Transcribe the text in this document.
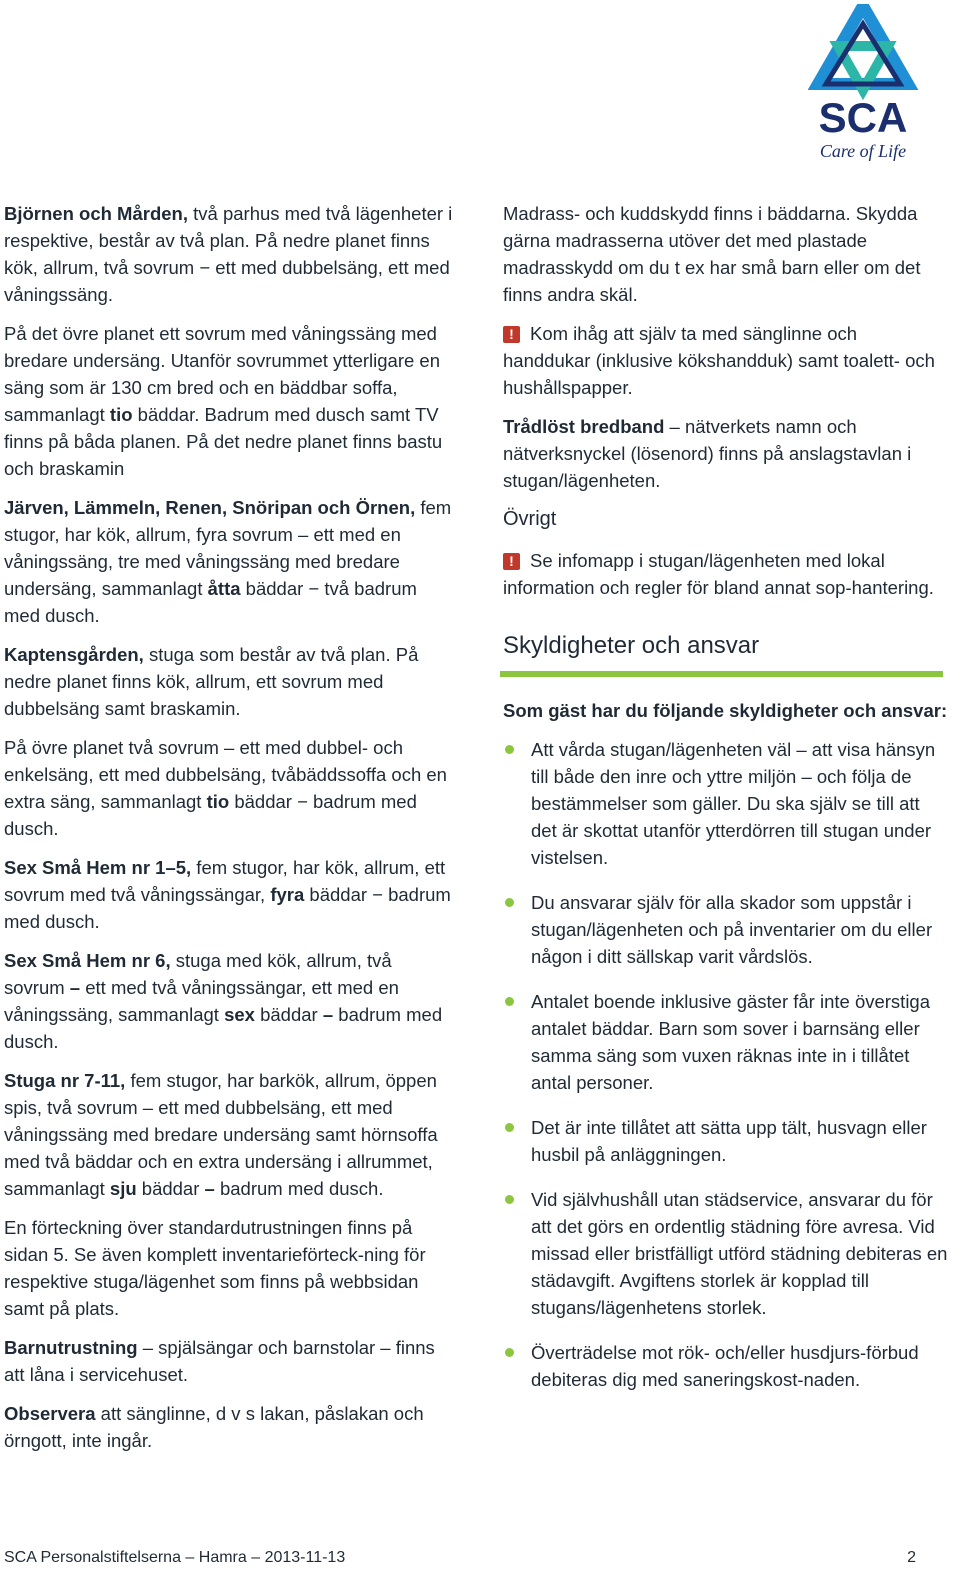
SCA
Care of Life

Björnen och Mården, två parhus med två lägenheter i respektive, består av två plan. På nedre planet finns kök, allrum, två sovrum − ett med dubbelsäng, ett med våningssäng.

På det övre planet ett sovrum med våningssäng med bredare undersäng. Utanför sovrummet ytterligare en säng som är 130 cm bred och en bäddbar soffa, sammanlagt tio bäddar. Badrum med dusch samt TV finns på båda planen. På det nedre planet finns bastu och braskamin

Järven, Lämmeln, Renen, Snöripan och Örnen, fem stugor, har kök, allrum, fyra sovrum – ett med en våningssäng, tre med våningssäng med bredare undersäng, sammanlagt åtta bäddar − två badrum med dusch.

Kaptensgården, stuga som består av två plan. På nedre planet finns kök, allrum, ett sovrum med dubbelsäng samt braskamin.

På övre planet två sovrum – ett med dubbel- och enkelsäng, ett med dubbelsäng, tvåbäddssoffa och en extra säng, sammanlagt tio bäddar − badrum med dusch.

Sex Små Hem nr 1–5, fem stugor, har kök, allrum, ett sovrum med två våningssängar, fyra bäddar − badrum med dusch.

Sex Små Hem nr 6, stuga med kök, allrum, två sovrum – ett med två våningssängar, ett med en våningssäng, sammanlagt sex bäddar – badrum med dusch.

Stuga nr 7-11, fem stugor, har barkök, allrum, öppen spis, två sovrum – ett med dubbelsäng, ett med våningssäng med bredare undersäng samt hörnsoffa med två bäddar och en extra undersäng i allrummet, sammanlagt sju bäddar – badrum med dusch.

En förteckning över standardutrustningen finns på sidan 5. Se även komplett inventarieförteck-ning för respektive stuga/lägenhet som finns på webbsidan samt på plats.

Barnutrustning – spjälsängar och barnstolar – finns att låna i servicehuset.

Observera att sänglinne, d v s lakan, påslakan och örngott, inte ingår.

Madrass- och kuddskydd finns i bäddarna. Skydda gärna madrasserna utöver det med plastade madrasskydd om du t ex har små barn eller om det finns andra skäl.

! Kom ihåg att själv ta med sänglinne och handdukar (inklusive kökshandduk) samt toalett- och hushållspapper.

Trådlöst bredband – nätverkets namn och nätverksnyckel (lösenord) finns på anslagstavlan i stugan/lägenheten.

Övrigt

! Se infomapp i stugan/lägenheten med lokal information och regler för bland annat sop-hantering.

Skyldigheter och ansvar

Som gäst har du följande skyldigheter och ansvar:

Att vårda stugan/lägenheten väl – att visa hänsyn till både den inre och yttre miljön – och följa de bestämmelser som gäller. Du ska själv se till att det är skottat utanför ytterdörren till stugan under vistelsen.
Du ansvarar själv för alla skador som uppstår i stugan/lägenheten och på inventarier om du eller någon i ditt sällskap varit vårdslös.
Antalet boende inklusive gäster får inte överstiga antalet bäddar. Barn som sover i barnsäng eller samma säng som vuxen räknas inte in i tillåtet antal personer.
Det är inte tillåtet att sätta upp tält, husvagn eller husbil på anläggningen.
Vid självhushåll utan städservice, ansvarar du för att det görs en ordentlig städning före avresa. Vid missad eller bristfälligt utförd städning debiteras en städavgift. Avgiftens storlek är kopplad till stugans/lägenhetens storlek.
Överträdelse mot rök- och/eller husdjurs-förbud debiteras dig med saneringskost-naden.
SCA Personalstiftelserna – Hamra – 2013-11-13	2
